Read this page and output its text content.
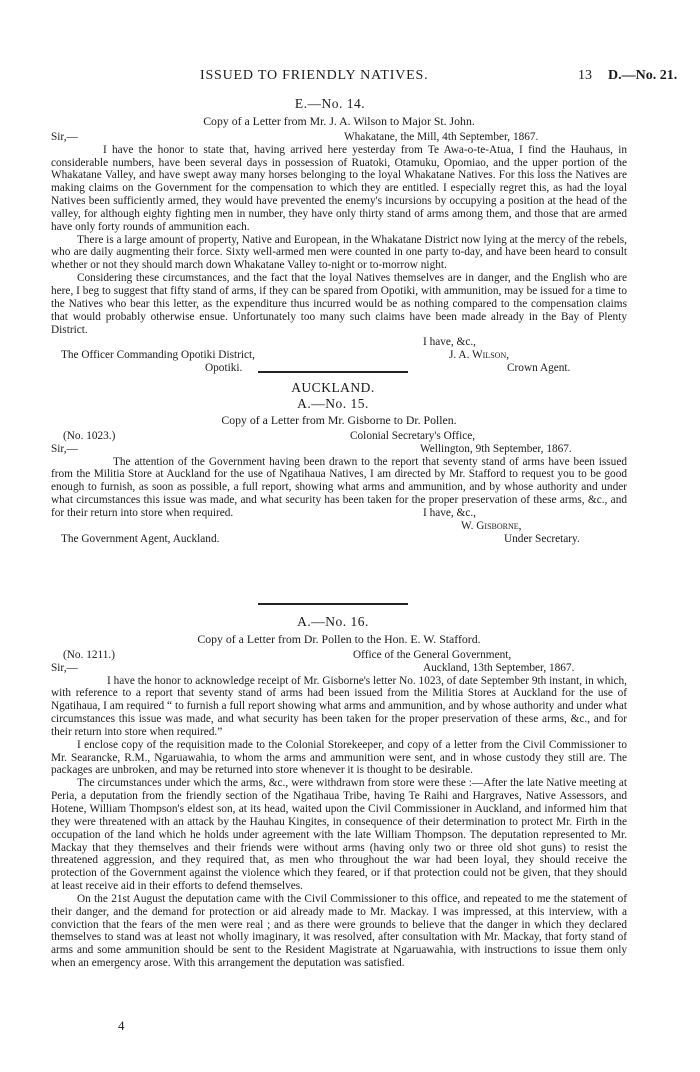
ISSUED TO FRIENDLY NATIVES.	13 D.—No. 21.
E.—No. 14.
Copy of a Letter from Mr. J. A. Wilson to Major St. John.
Sir,—	Whakatane, the Mill, 4th September, 1867.

I have the honor to state that, having arrived here yesterday from Te Awa-o-te-Atua, I find the Hauhaus, in considerable numbers, have been several days in possession of Ruatoki, Otamuku, Opomiao, and the upper portion of the Whakatane Valley, and have swept away many horses belonging to the loyal Whakatane Natives. For this loss the Natives are making claims on the Government for the compensation to which they are entitled. I especially regret this, as had the loyal Natives been sufficiently armed, they would have prevented the enemy's incursions by occupying a position at the head of the valley, for although eighty fighting men in number, they have only thirty stand of arms among them, and those that are armed have only forty rounds of ammunition each.

There is a large amount of property, Native and European, in the Whakatane District now lying at the mercy of the rebels, who are daily augmenting their force. Sixty well-armed men were counted in one party to-day, and have been heard to consult whether or not they should march down Whakatane Valley to-night or to-morrow night.

Considering these circumstances, and the fact that the loyal Natives themselves are in danger, and the English who are here, I beg to suggest that fifty stand of arms, if they can be spared from Opotiki, with ammunition, may be issued for a time to the Natives who bear this letter, as the expenditure thus incurred would be as nothing compared to the compensation claims that would probably otherwise ensue. Unfortunately too many such claims have been made already in the Bay of Plenty District.

I have, &c.,
The Officer Commanding Opotiki District,	J. A. Wilson,
Opotiki.	Crown Agent.
AUCKLAND.
A.—No. 15.
Copy of a Letter from Mr. Gisborne to Dr. Pollen.
(No. 1023.)	Colonial Secretary's Office,
Sir,—	Wellington, 9th September, 1867.

The attention of the Government having been drawn to the report that seventy stand of arms have been issued from the Militia Store at Auckland for the use of Ngatihaua Natives, I am directed by Mr. Stafford to request you to be good enough to furnish, as soon as possible, a full report, showing what arms and ammunition, and by whose authority and under what circumstances this issue was made, and what security has been taken for the proper preservation of these arms, &c., and for their return into store when required.	I have, &c.,
W. Gisborne,
The Government Agent, Auckland.	Under Secretary.
A.—No. 16.
Copy of a Letter from Dr. Pollen to the Hon. E. W. Stafford.
(No. 1211.)	Office of the General Government,
Sir,—	Auckland, 13th September, 1867.

I have the honor to acknowledge receipt of Mr. Gisborne's letter No. 1023, of date September 9th instant, in which, with reference to a report that seventy stand of arms had been issued from the Militia Stores at Auckland for the use of Ngatihaua, I am required “ to furnish a full report showing what arms and ammunition, and by whose authority and under what circumstances this issue was made, and what security has been taken for the proper preservation of these arms, &c., and for their return into store when required.”

I enclose copy of the requisition made to the Colonial Storekeeper, and copy of a letter from the Civil Commissioner to Mr. Searancke, R.M., Ngaruawahia, to whom the arms and ammunition were sent, and in whose custody they still are. The packages are unbroken, and may be returned into store whenever it is thought to be desirable.

The circumstances under which the arms, &c., were withdrawn from store were these :—After the late Native meeting at Peria, a deputation from the friendly section of the Ngatihaua Tribe, having Te Raihi and Hargraves, Native Assessors, and Hotene, William Thompson's eldest son, at its head, waited upon the Civil Commissioner in Auckland, and informed him that they were threatened with an attack by the Hauhau Kingites, in consequence of their determination to protect Mr. Firth in the occupation of the land which he holds under agreement with the late William Thompson. The deputation represented to Mr. Mackay that they themselves and their friends were without arms (having only two or three old shot guns) to resist the threatened aggression, and they required that, as men who throughout the war had been loyal, they should receive the protection of the Government against the violence which they feared, or if that protection could not be given, that they should at least receive aid in their efforts to defend themselves.

On the 21st August the deputation came with the Civil Commissioner to this office, and repeated to me the statement of their danger, and the demand for protection or aid already made to Mr. Mackay. I was impressed, at this interview, with a conviction that the fears of the men were real ; and as there were grounds to believe that the danger in which they declared themselves to stand was at least not wholly imaginary, it was resolved, after consultation with Mr. Mackay, that forty stand of arms and some ammunition should be sent to the Resident Magistrate at Ngaruawahia, with instructions to issue them only when an emergency arose. With this arrangement the deputation was satisfied.

4
